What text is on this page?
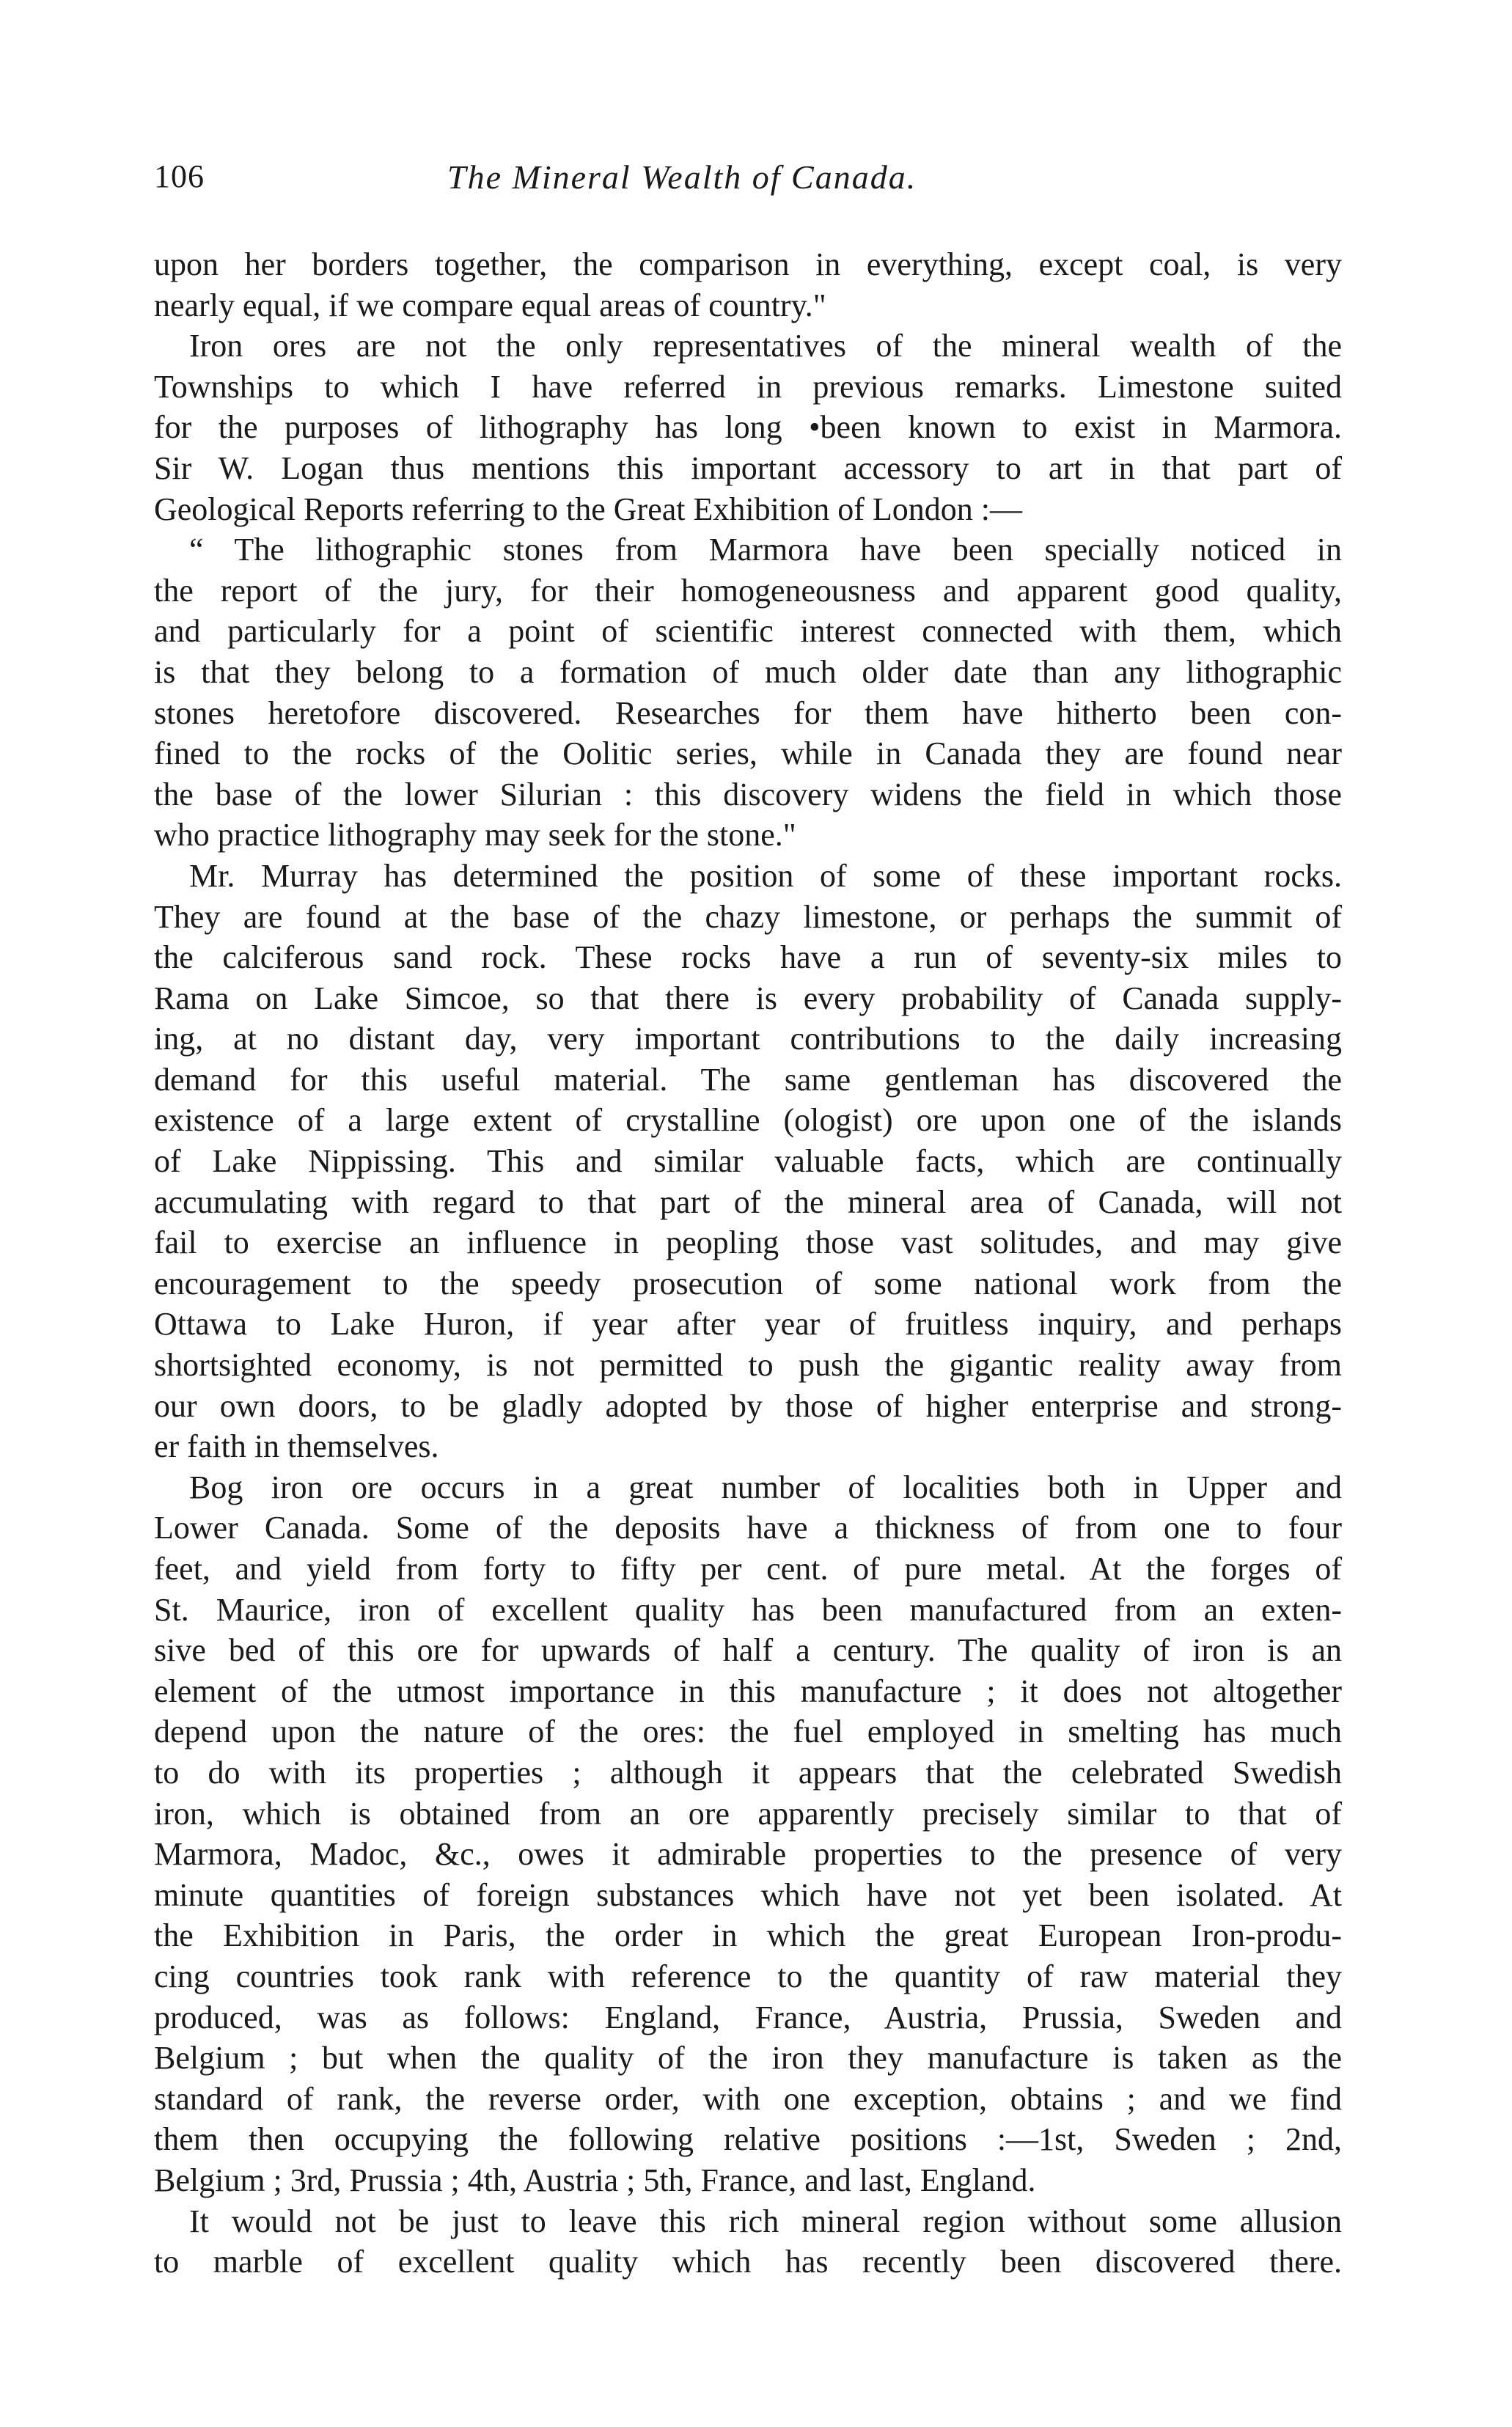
106	The Mineral Wealth of Canada.
upon her borders together, the comparison in everything, except coal, is very
nearly equal, if we compare equal areas of country."
Iron ores are not the only representatives of the mineral wealth of the
Townships to which I have referred in previous remarks. Limestone suited
for the purposes of lithography has long •been known to exist in Marmora.
Sir W. Logan thus mentions this important accessory to art in that part of
Geological Reports referring to the Great Exhibition of London :—
“ The lithographic stones from Marmora have been specially noticed in
the report of the jury, for their homogeneousness and apparent good quality,
and particularly for a point of scientific interest connected with them, which
is that they belong to a formation of much older date than any lithographic
stones heretofore discovered. Researches for them have hitherto been con-
fined to the rocks of the Oolitic series, while in Canada they are found near
the base of the lower Silurian : this discovery widens the field in which those
who practice lithography may seek for the stone."
Mr. Murray has determined the position of some of these important rocks.
They are found at the base of the chazy limestone, or perhaps the summit of
the calciferous sand rock. These rocks have a run of seventy-six miles to
Rama on Lake Simcoe, so that there is every probability of Canada supply-
ing, at no distant day, very important contributions to the daily increasing
demand for this useful material. The same gentleman has discovered the
existence of a large extent of crystalline (ologist) ore upon one of the islands
of Lake Nippissing. This and similar valuable facts, which are continually
accumulating with regard to that part of the mineral area of Canada, will not
fail to exercise an influence in peopling those vast solitudes, and may give
encouragement to the speedy prosecution of some national work from the
Ottawa to Lake Huron, if year after year of fruitless inquiry, and perhaps
shortsighted economy, is not permitted to push the gigantic reality away from
our own doors, to be gladly adopted by those of higher enterprise and strong-
er faith in themselves.
Bog iron ore occurs in a great number of localities both in Upper and
Lower Canada. Some of the deposits have a thickness of from one to four
feet, and yield from forty to fifty per cent. of pure metal. At the forges of
St. Maurice, iron of excellent quality has been manufactured from an exten-
sive bed of this ore for upwards of half a century. The quality of iron is an
element of the utmost importance in this manufacture ; it does not altogether
depend upon the nature of the ores: the fuel employed in smelting has much
to do with its properties ; although it appears that the celebrated Swedish
iron, which is obtained from an ore apparently precisely similar to that of
Marmora, Madoc, &c., owes it admirable properties to the presence of very
minute quantities of foreign substances which have not yet been isolated. At
the Exhibition in Paris, the order in which the great European Iron-produ-
cing countries took rank with reference to the quantity of raw material they
produced, was as follows: England, France, Austria, Prussia, Sweden and
Belgium ; but when the quality of the iron they manufacture is taken as the
standard of rank, the reverse order, with one exception, obtains ; and we find
them then occupying the following relative positions :—1st, Sweden ; 2nd,
Belgium ; 3rd, Prussia ; 4th, Austria ; 5th, France, and last, England.
It would not be just to leave this rich mineral region without some allusion
to marble of excellent quality which has recently been discovered there.
